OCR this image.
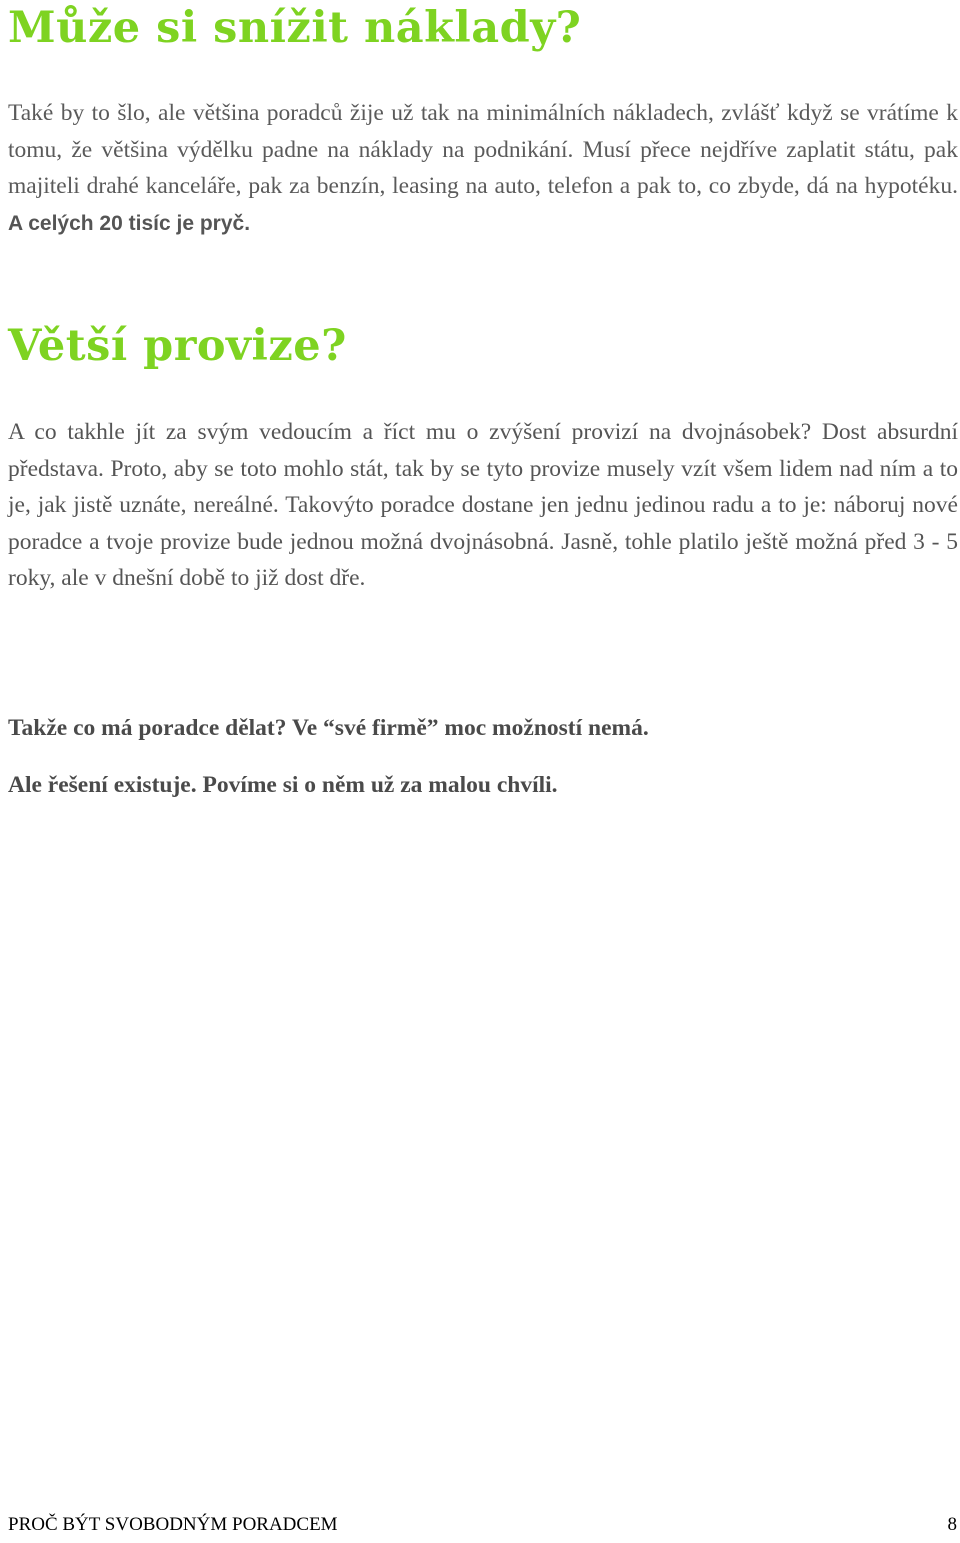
Může si snížit náklady?

Také by to šlo, ale většina poradců žije už tak na minimálních nákladech, zvlášť když se vrátíme k tomu, že většina výdělku padne na náklady na podnikání. Musí přece nejdříve zaplatit státu, pak majiteli drahé kanceláře, pak za benzín, leasing na auto, telefon a pak to, co zbyde, dá na hypotéku. A celých 20 tisíc je pryč.

Větší provize?

A co takhle jít za svým vedoucím a říct mu o zvýšení provizí na dvojnásobek? Dost absurdní představa. Proto, aby se toto mohlo stát, tak by se tyto provize musely vzít všem lidem nad ním a to je, jak jistě uznáte, nereálné. Takovýto poradce dostane jen jednu jedinou radu a to je: náboruj nové poradce a tvoje provize bude jednou možná dvojnásobná. Jasně, tohle platilo ještě možná před 3 - 5 roky, ale v dnešní době to již dost dře.

Takže co má poradce dělat? Ve “své firmě” moc možností nemá.

Ale řešení existuje. Povíme si o něm už za malou chvíli.

PROČ BÝT SVOBODNÝM PORADCEM	8
